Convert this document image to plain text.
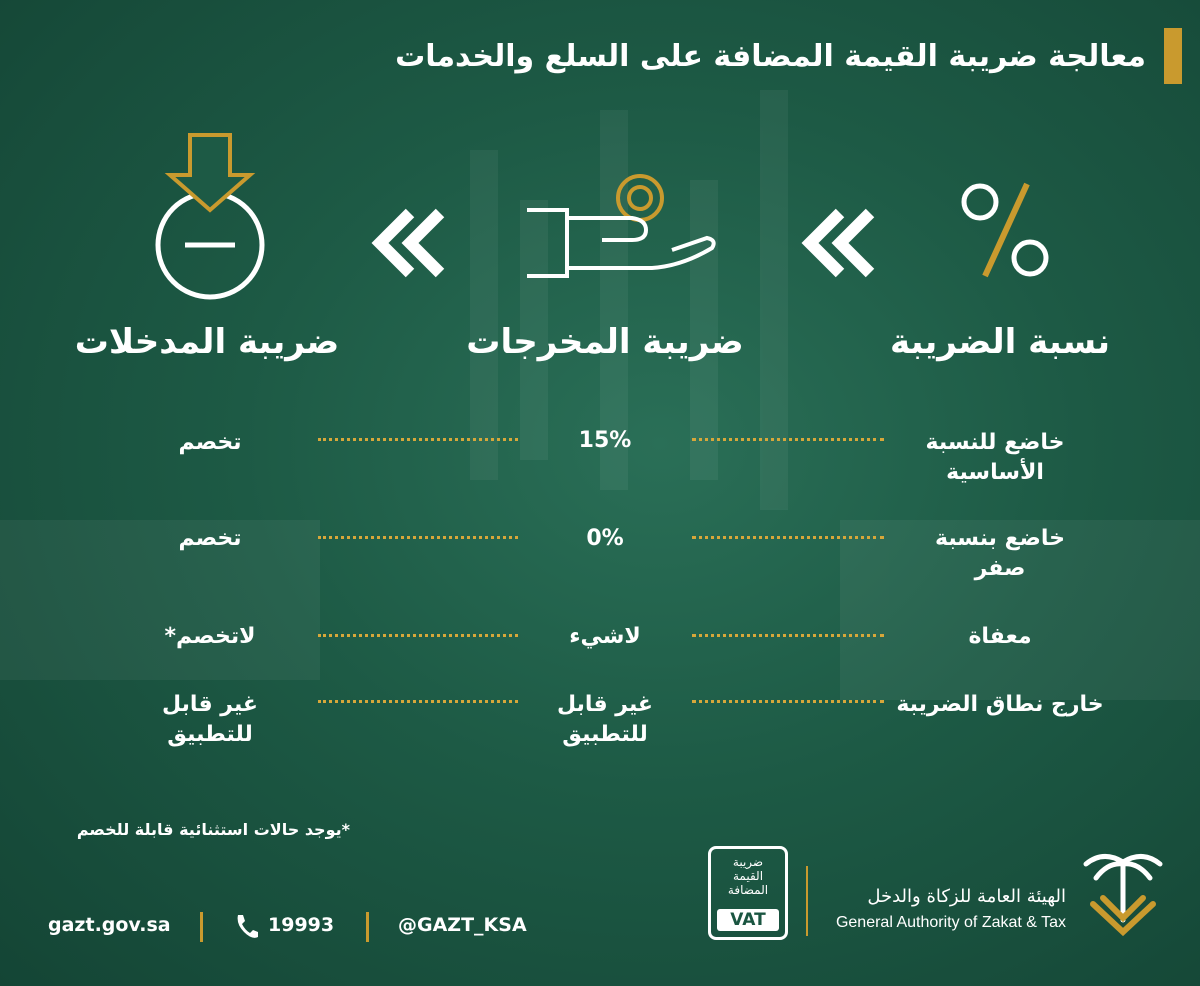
معالجة ضريبة القيمة المضافة على السلع والخدمات
نسبة الضريبة
ضريبة المخرجات
ضريبة المدخلات
خاضع للنسبة الأساسية
15%
تخصم
خاضع بنسبة صفر
0%
تخصم
معفاة
لاشيء
لاتخصم*
خارج نطاق الضريبة
غير قابل للتطبيق
غير قابل للتطبيق
*يوجد حالات استثنائية قابلة للخصم
gazt.gov.sa	19993	@GAZT_KSA
ضريبة
القيمة
المضافة
VAT
الهيئة العامة للزكاة والدخل
General Authority of Zakat & Tax
